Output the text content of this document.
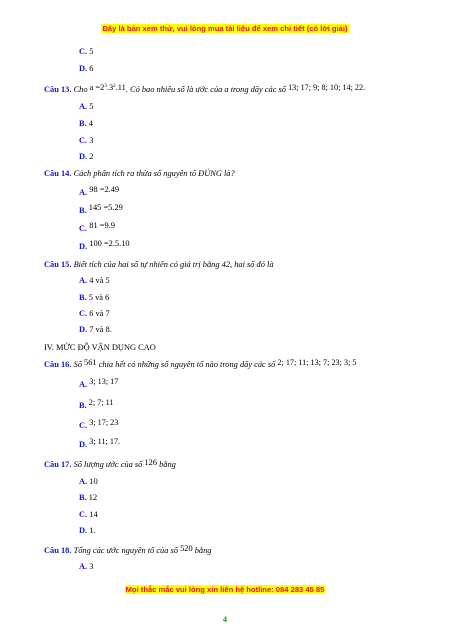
Đây là bản xem thử, vui lòng mua tài liệu để xem chi tiết (có lời giải)
C. 5
D. 6
Câu 13. Cho $a =2^3.3^2.11$. Có bao nhiêu số là ước của a trong dãy các số 13; 17; 9; 8; 10; 14; 22.
A. 5
B. 4
C. 3
D. 2
Câu 14. Cách phân tích ra thừa số nguyên tố ĐÚNG là?
A. 98 =2.49
B. 145 =5.29
C. 81 =9.9
D. 100 =2.5.10
Câu 15. Biết tích của hai số tự nhiên có giá trị bằng 42, hai số đó là
A. 4 và 5
B. 5 và 6
C. 6 và 7
D. 7 và 8.
IV. MỨC ĐỘ VẬN DỤNG CAO
Câu 16. Số 561 chia hết có những số nguyên tố nào trong dãy các số 2; 17; 11; 13; 7; 23; 3; 5
A. 3; 13; 17
B. 2; 7; 11
C. 3; 17; 23
D. 3; 11; 17.
Câu 17. Số lượng ước của số 126 bằng
A. 10
B. 12
C. 14
D. 1.
Câu 18. Tổng các ước nguyên tố của số 520 bằng
A. 3
Mọi thắc mắc vui lòng xin liên hệ hotline: 084 283 45 85
4
